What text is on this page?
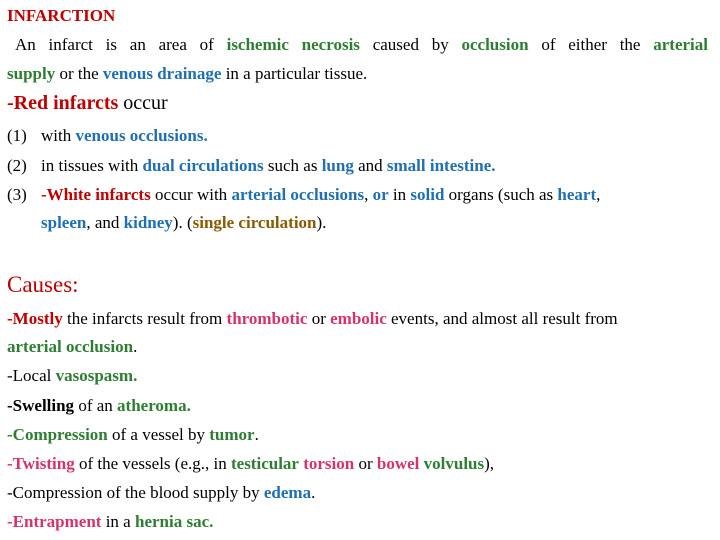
INFARCTION
An infarct is an area of ischemic necrosis caused by occlusion of either the arterial
supply or the venous drainage in a particular tissue.
-Red infarcts occur
(1) with venous occlusions.
(2) in tissues with dual circulations such as lung and small intestine.
(3) -White infarcts occur with arterial occlusions, or in solid organs (such as heart,
spleen, and kidney). (single circulation).
Causes:
-Mostly the infarcts result from thrombotic or embolic events, and almost all result from
arterial occlusion.
-Local vasospasm.
-Swelling of an atheroma.
-Compression of a vessel by tumor.
-Twisting of the vessels (e.g., in testicular torsion or bowel volvulus),
-Compression of the blood supply by edema.
-Entrapment in a hernia sac.
